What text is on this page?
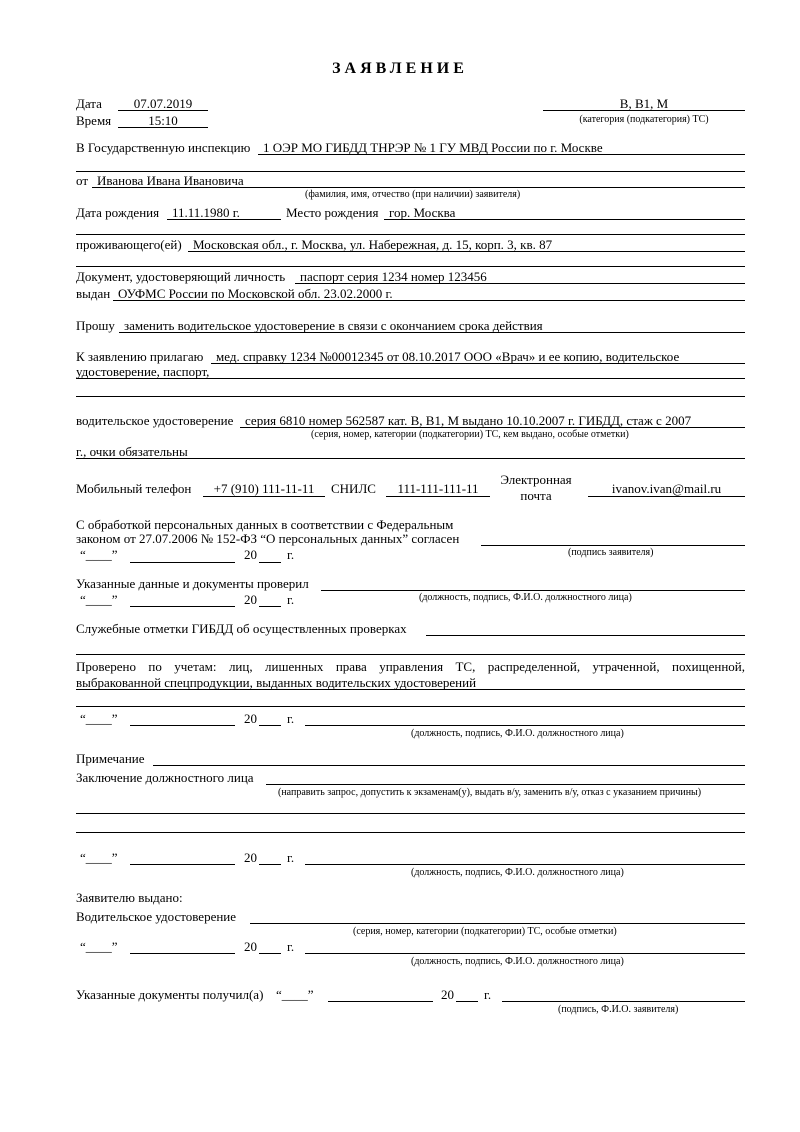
ЗАЯВЛЕНИЕ
Дата	07.07.2019
Время	15:10
B, B1, M
(категория (подкатегория) ТС)
В Государственную инспекцию 1 ОЭР МО ГИБДД ТНРЭР № 1 ГУ МВД России по г. Москве
от Иванова Ивана Ивановича
(фамилия, имя, отчество (при наличии) заявителя)
Дата рождения 11.11.1980 г.	Место рождения гор. Москва
проживающего(ей) Московская обл., г. Москва, ул. Набережная, д. 15, корп. 3, кв. 87
Документ, удостоверяющий личность паспорт серия 1234 номер 123456
выдан ОУФМС России по Московской обл. 23.02.2000 г.
Прошу заменить водительское удостоверение в связи с окончанием срока действия
К заявлению прилагаю мед. справку 1234 №00012345 от 08.10.2017 ООО «Врач» и ее копию, водительское
удостоверение, паспорт,
водительское удостоверение серия 6810 номер 562587 кат. B, B1, M выдано 10.10.2007 г. ГИБДД, стаж с 2007
(серия, номер, категории (подкатегории) ТС, кем выдано, особые отметки)
г., очки обязательны
Мобильный телефон	+7 (910) 111-11-11	СНИЛС	111-111-111-11
Электронная
почта	ivanov.ivan@mail.ru
С обработкой персональных данных в соответствии с Федеральным
законом от 27.07.2006 № 152-ФЗ “О персональных данных” согласен
(подпись заявителя)
“____”	20 г.
Указанные данные и документы проверил
“____”	20 г.	(должность, подпись, Ф.И.О. должностного лица)
Служебные отметки ГИБДД об осуществленных проверках
Проверено по учетам: лиц, лишенных права управления ТС, распределенной, утраченной, похищенной,
выбракованной спецпродукции, выданных водительских удостоверений
“____”	20 г.
(должность, подпись, Ф.И.О. должностного лица)
Примечание
Заключение должностного лица
(направить запрос, допустить к экзаменам(у), выдать в/у, заменить в/у, отказ с указанием причины)
“____”	20 г.
(должность, подпись, Ф.И.О. должностного лица)
Заявителю выдано:
Водительское удостоверение
(серия, номер, категории (подкатегории) ТС, особые отметки)
“____”	20 г.
(должность, подпись, Ф.И.О. должностного лица)
Указанные документы получил(а) “____”	20 г.
(подпись, Ф.И.О. заявителя)
